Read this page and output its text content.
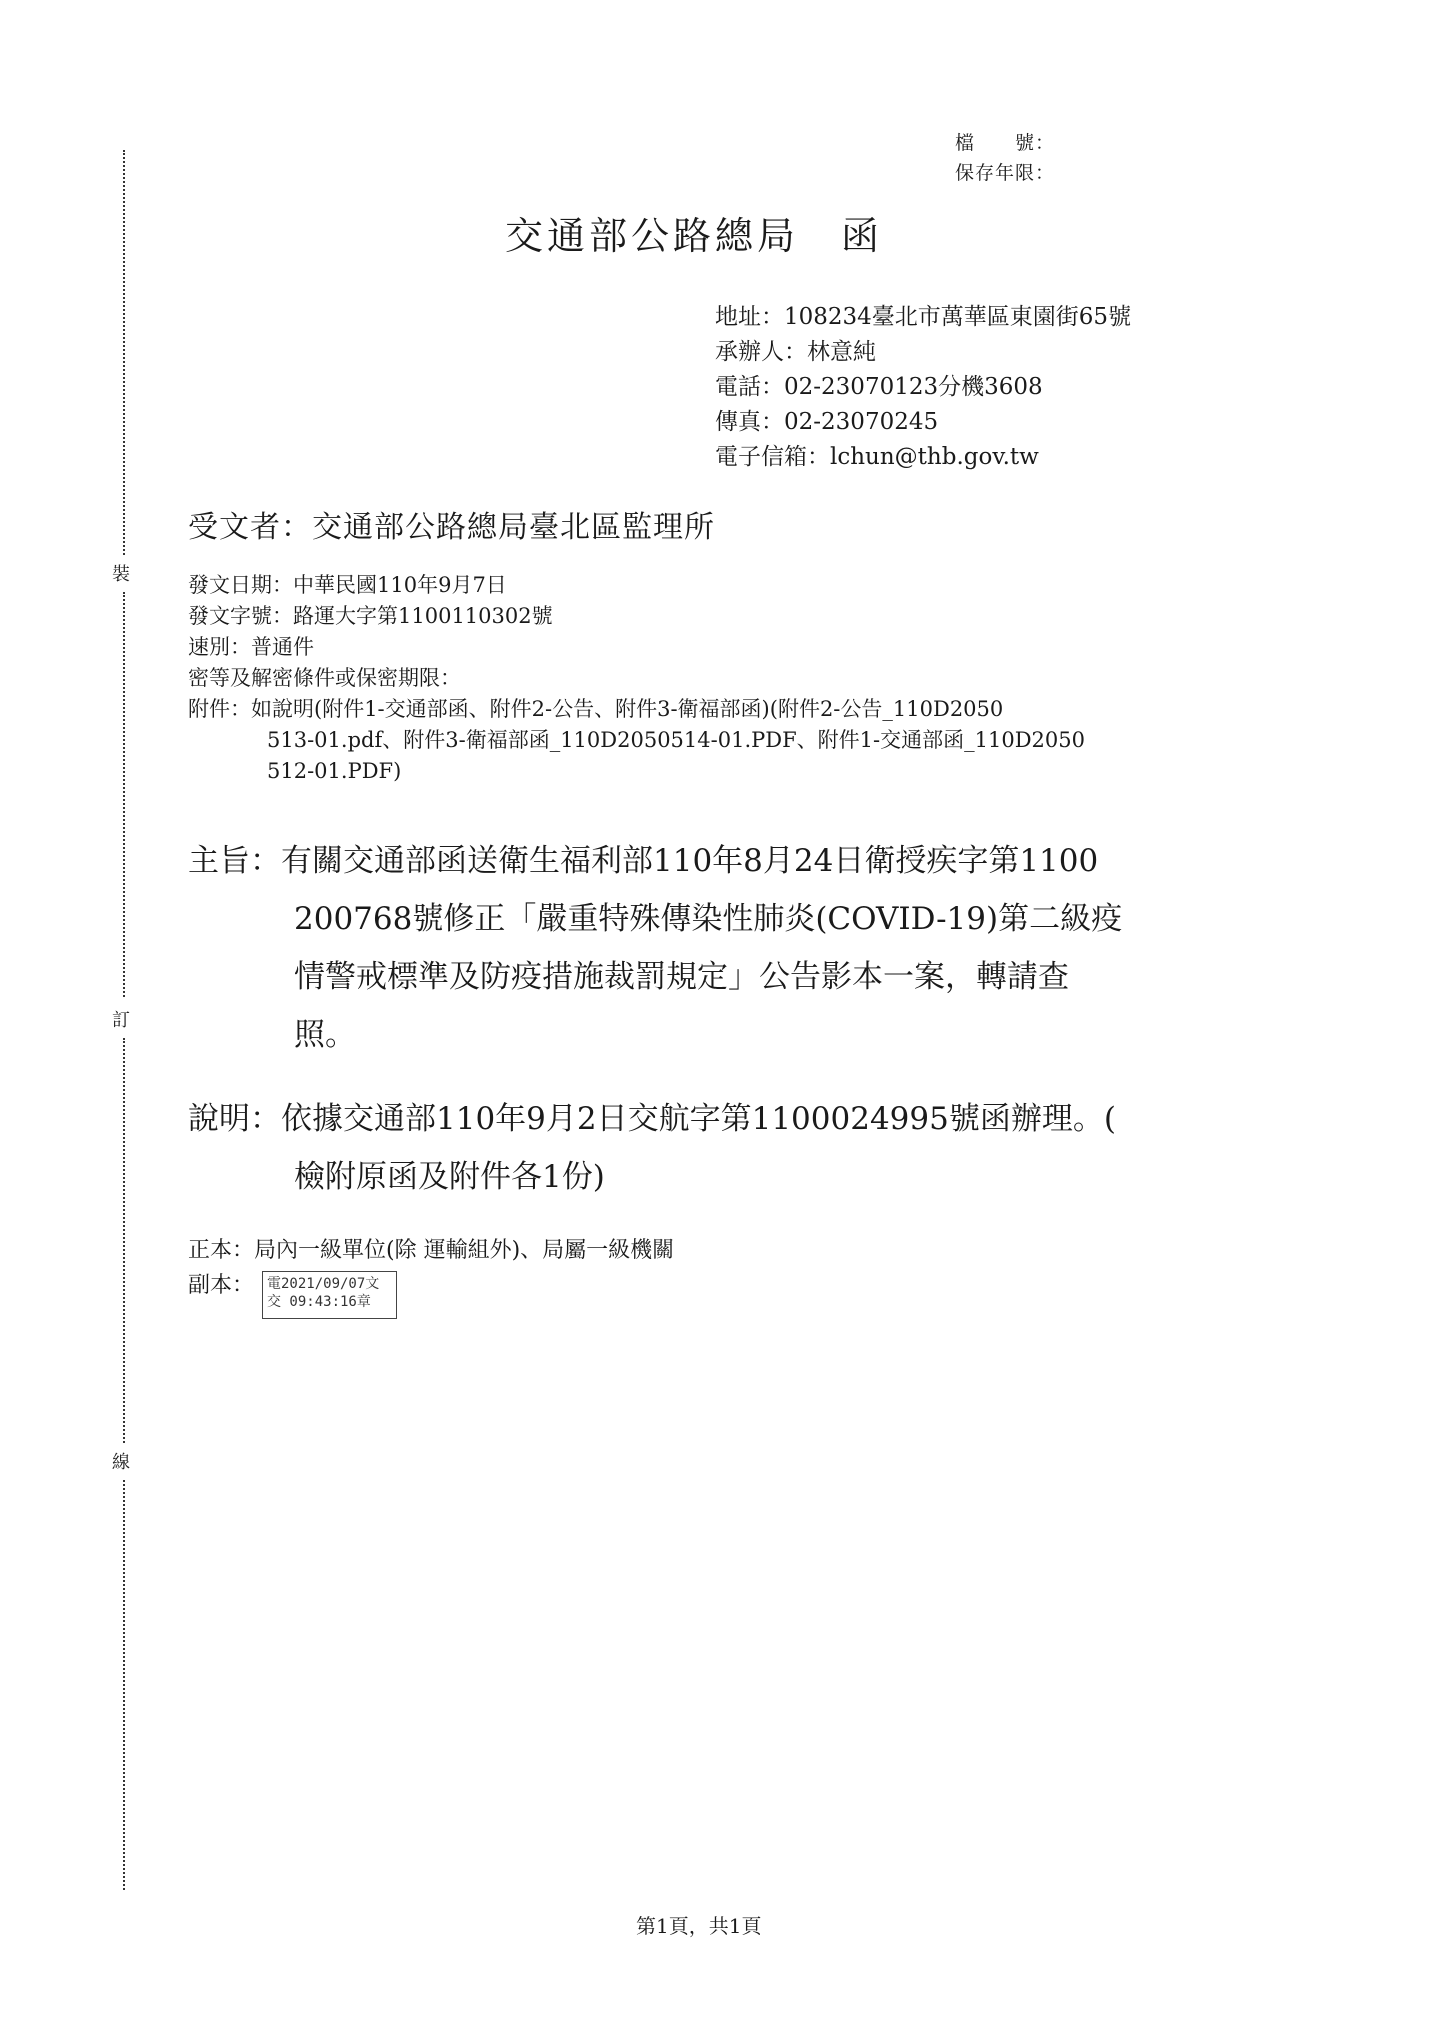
裝
訂
線
檔　　號：
保存年限：
交通部公路總局　函
地址：108234臺北市萬華區東園街65號
承辦人：林意純
電話：02-23070123分機3608
傳真：02-23070245
電子信箱：lchun@thb.gov.tw
受文者：交通部公路總局臺北區監理所
發文日期：中華民國110年9月7日
發文字號：路運大字第1100110302號
速別：普通件
密等及解密條件或保密期限：
附件：如說明(附件1-交通部函、附件2-公告、附件3-衛福部函)(附件2-公告_110D2050
513-01.pdf、附件3-衛福部函_110D2050514-01.PDF、附件1-交通部函_110D2050
512-01.PDF)
主旨：有關交通部函送衛生福利部110年8月24日衛授疾字第1100
200768號修正「嚴重特殊傳染性肺炎(COVID-19)第二級疫
情警戒標準及防疫措施裁罰規定」公告影本一案，轉請查
照。
說明：依據交通部110年9月2日交航字第1100024995號函辦理。(
檢附原函及附件各1份)
正本：局內一級單位(除 運輸組外)、局屬一級機關
副本： 電2021/09/07文
交 09:43:16章
第1頁，共1頁
